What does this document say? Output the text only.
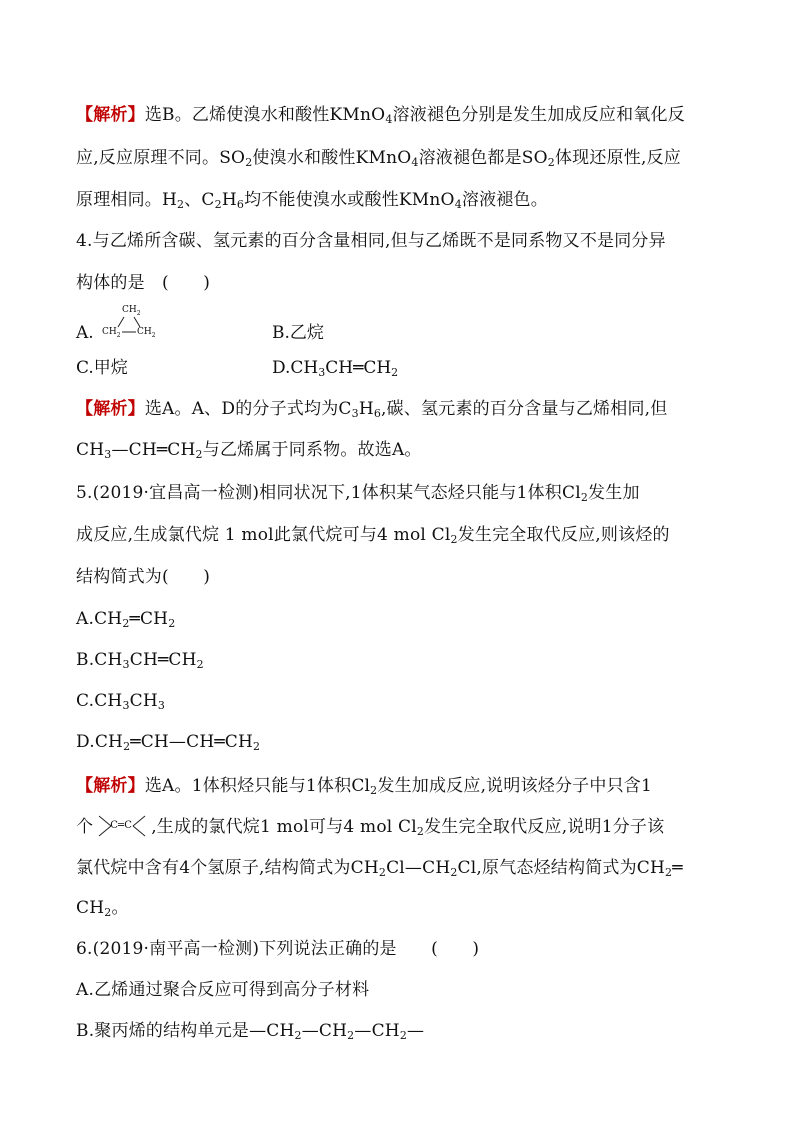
【解析】选B。乙烯使溴水和酸性KMnO$_4$溶液褪色分别是发生加成反应和氧化反
应,反应原理不同。$SO_2$使溴水和酸性KMnO$_4$溶液褪色都是$SO_2$体现还原性,反应
原理相同。$H_2$、$C_2H_6$均不能使溴水或酸性KMnO$_4$溶液褪色。
4.与乙烯所含碳、氢元素的百分含量相同,但与乙烯既不是同系物又不是同分异
构体的是　(　　)
A.
$CH_2$
$CH_2$ $CH_2$	B.乙烷
C.甲烷	$D.CH_3CH═CH_2$
【解析】选A。A、D的分子式均为$C_3H_6$,碳、氢元素的百分含量与乙烯相同,但
$CH_3—CH═CH_2$与乙烯属于同系物。故选A。
5.(2019·宜昌高一检测)相同状况下,1体积某气态烃只能与1体积$Cl_2$发生加
成反应,生成氯代烷 1 mol此氯代烷可与4 mol $Cl_2$发生完全取代反应,则该烃的
结构简式为(　　)
$A.CH_2═CH_2$
$B.CH_3CH═CH_2$
$C.CH_3CH_3$
$D.CH_2═CH—CH═CH_2$
【解析】选A。1体积烃只能与1体积$Cl_2$发生加成反应,说明该烃分子中只含1
个 C═C ,生成的氯代烷1 mol可与4 mol $Cl_2$发生完全取代反应,说明1分子该
氯代烷中含有4个氢原子,结构简式为$CH_2Cl—CH_2Cl$,原气态烃结构简式为$CH_2═$
$CH_2$。
6.(2019·南平高一检测)下列说法正确的是　　(　　)
A.乙烯通过聚合反应可得到高分子材料
B.聚丙烯的结构单元是$—CH_2—CH_2—CH_2—$
